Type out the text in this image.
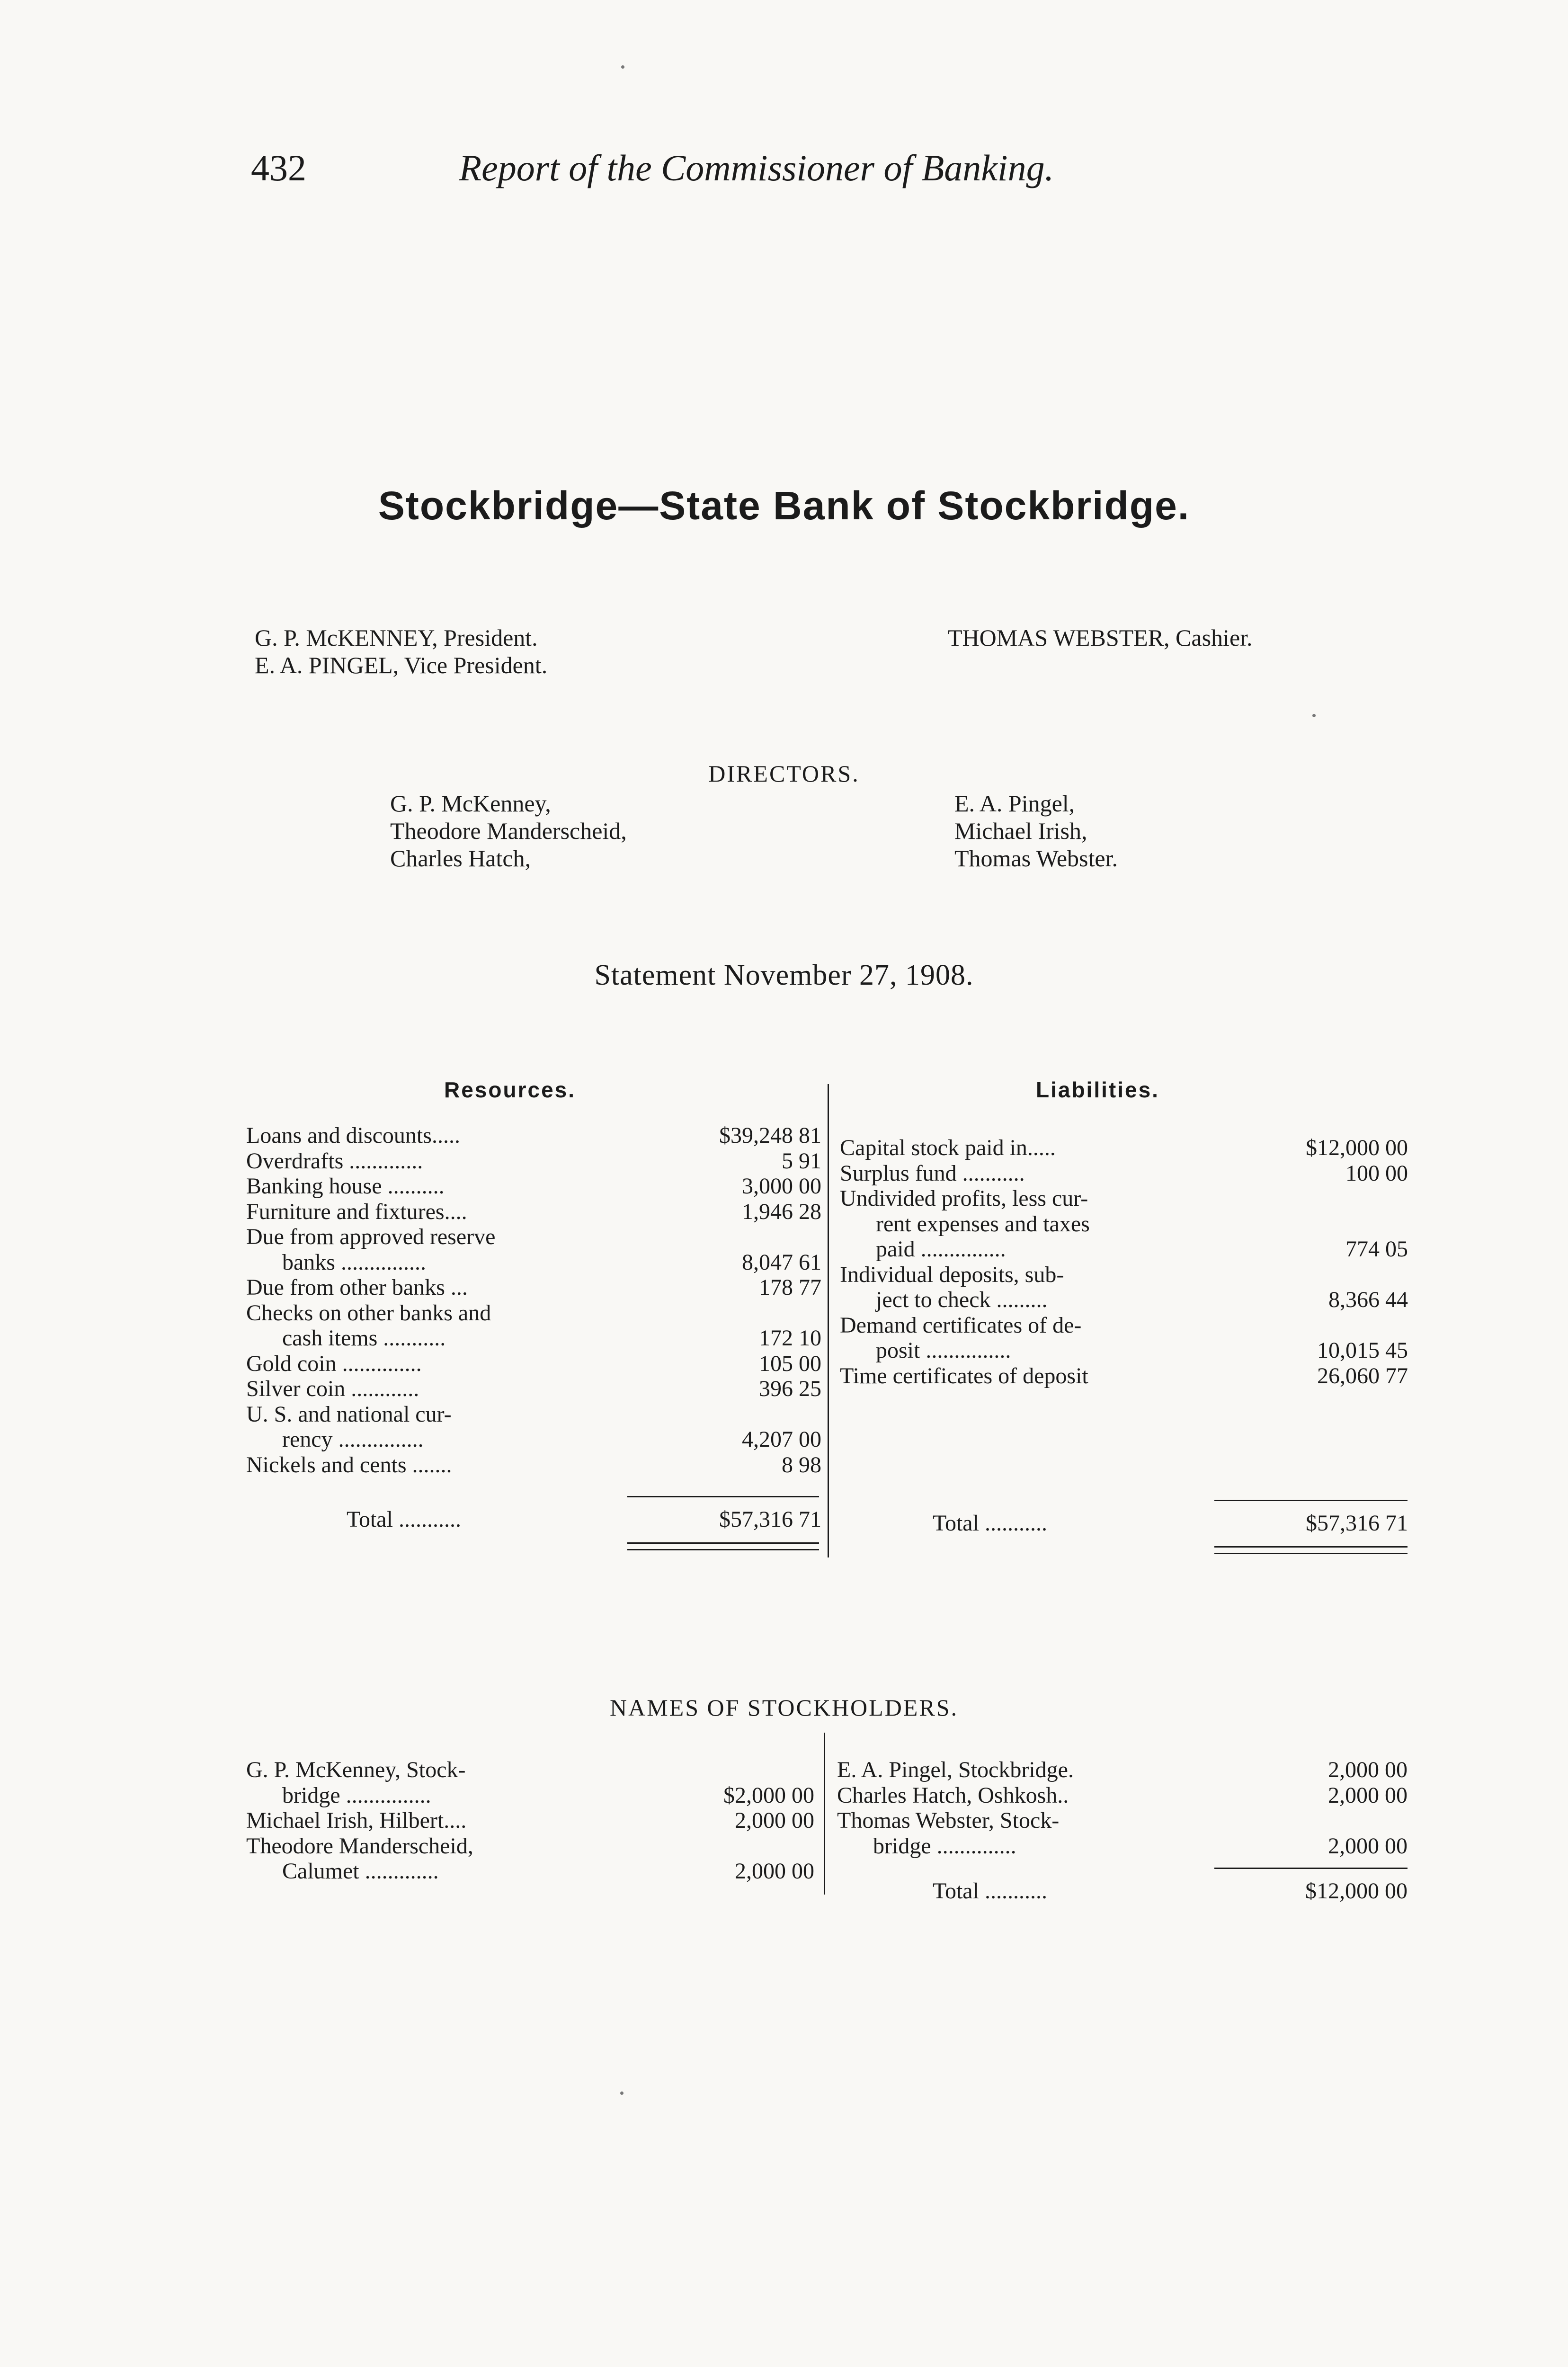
432	Report of the Commissioner of Banking.
Stockbridge—State Bank of Stockbridge.
G. P. McKENNEY, President.
E. A. PINGEL, Vice President.
THOMAS WEBSTER, Cashier.
DIRECTORS.
G. P. McKenney,
Theodore Manderscheid,
Charles Hatch,
E. A. Pingel,
Michael Irish,
Thomas Webster.
Statement November 27, 1908.
Resources.	Liabilities.
Loans and discounts.....	$39,248 81
Overdrafts .............	5 91
Banking house ..........	3,000 00
Furniture and fixtures....	1,946 28
Due from approved reserve
banks ...............	8,047 61
Due from other banks ...	178 77
Checks on other banks and
cash items ...........	172 10
Gold coin ..............	105 00
Silver coin ............	396 25
U. S. and national cur-
rency ...............	4,207 00
Nickels and cents .......	8 98
Total ...........	$57,316 71
Capital stock paid in.....	$12,000 00
Surplus fund ...........	100 00
Undivided profits, less cur-
rent expenses and taxes
paid ...............	774 05
Individual deposits, sub-
ject to check .........	8,366 44
Demand certificates of de-
posit ...............	10,015 45
Time certificates of deposit	26,060 77
Total ...........	$57,316 71
NAMES OF STOCKHOLDERS.
G. P. McKenney, Stock-
bridge ...............	$2,000 00
Michael Irish, Hilbert....	2,000 00
Theodore Manderscheid,
Calumet .............	2,000 00
E. A. Pingel, Stockbridge.	2,000 00
Charles Hatch, Oshkosh..	2,000 00
Thomas Webster, Stock-
bridge ..............	2,000 00
Total ...........	$12,000 00
